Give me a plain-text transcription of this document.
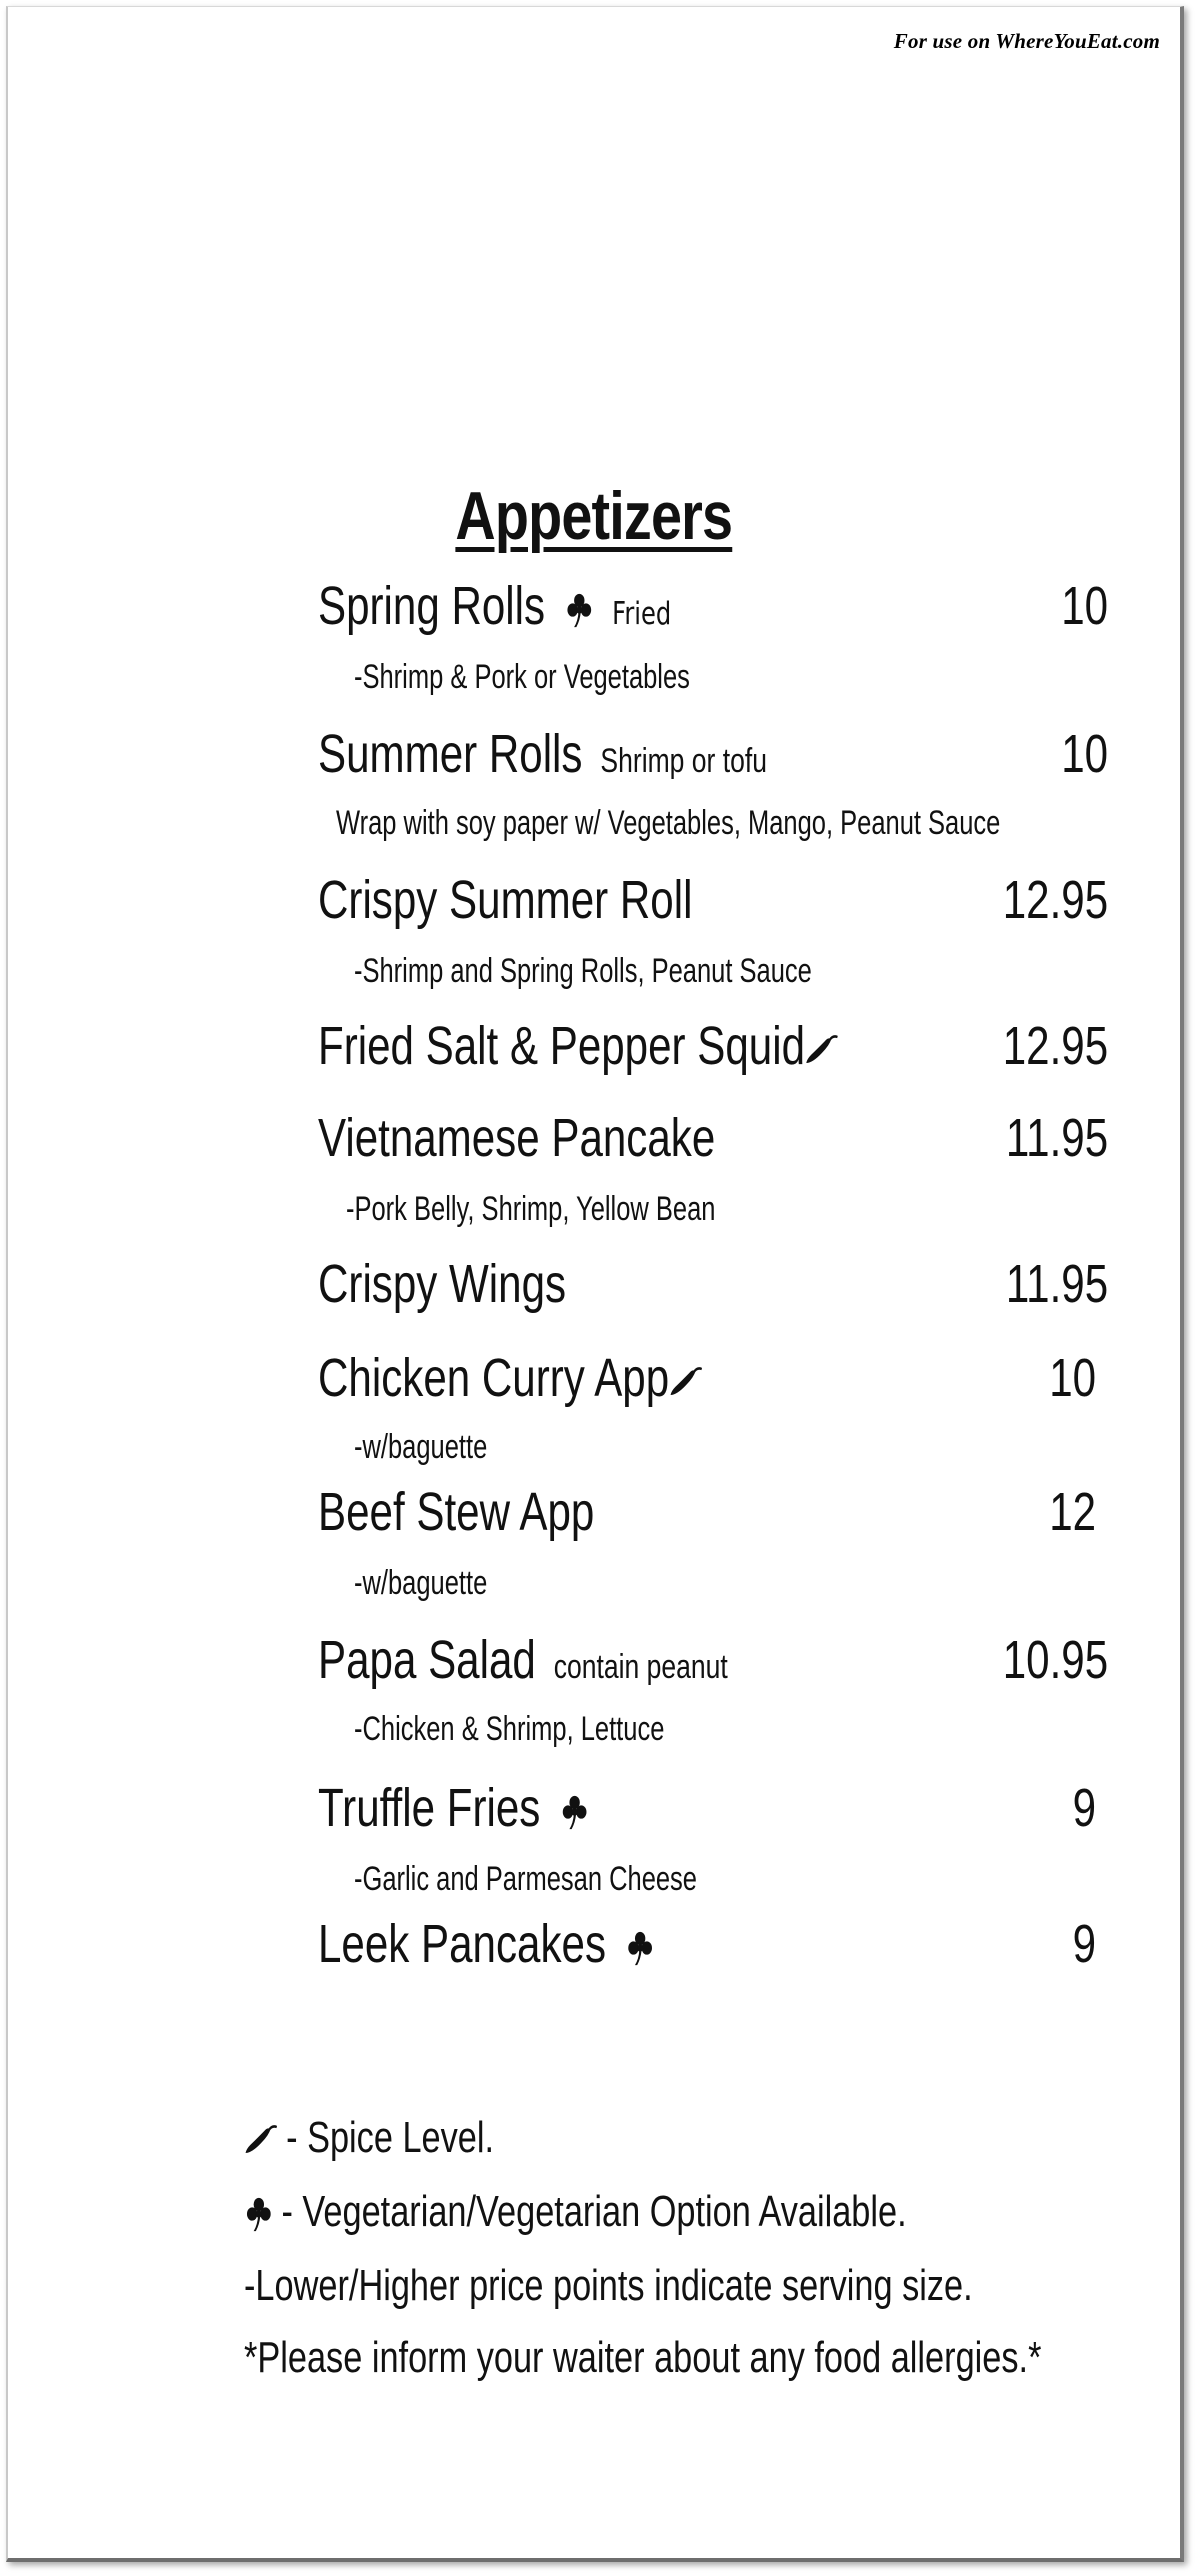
For use on WhereYouEat.com
Appetizers
Spring Rolls Fried	10
-Shrimp & Pork or Vegetables
Summer Rolls Shrimp or tofu	10
Wrap with soy paper w/ Vegetables, Mango, Peanut Sauce
Crispy Summer Roll	12.95
-Shrimp and Spring Rolls, Peanut Sauce
Fried Salt & Pepper Squid	12.95
Vietnamese Pancake	11.95
-Pork Belly, Shrimp, Yellow Bean
Crispy Wings	11.95
Chicken Curry App	10
-w/baguette
Beef Stew App	12
-w/baguette
Papa Salad contain peanut	10.95
-Chicken & Shrimp, Lettuce
Truffle Fries	9
-Garlic and Parmesan Cheese
Leek Pancakes	9
- Spice Level.
- Vegetarian/Vegetarian Option Available.
-Lower/Higher price points indicate serving size.
*Please inform your waiter about any food allergies.*
